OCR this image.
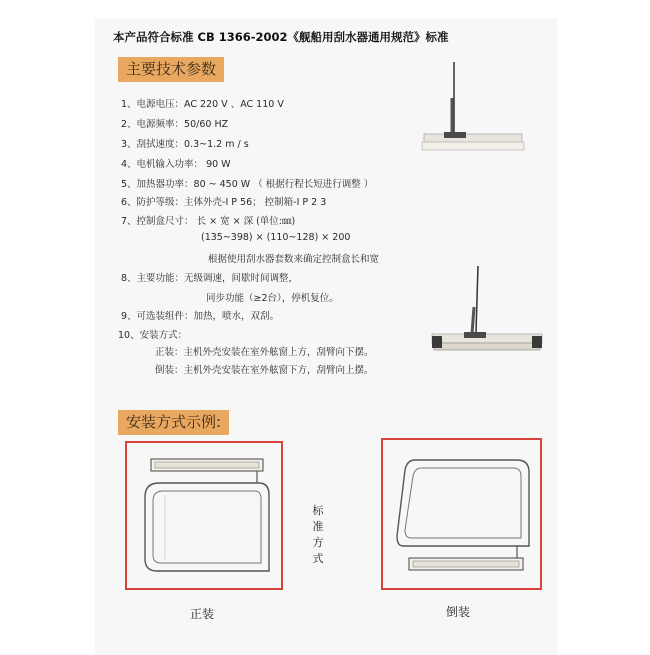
本产品符合标准 CB 1366-2002《舰船用刮水器通用规范》标准
主要技术参数
1、电源电压：AC 220 V 、AC 110 V
2、电源频率：50/60 HZ
3、刮拭速度：0.3~1.2 m / s
4、电机输入功率： 90 W
5、加热器功率：80 ~ 450 W （ 根据行程长短进行调整 ）
6、防护等级：主体外壳-I P 56； 控制箱-I P 2 3
7、控制盒尺寸： 长 × 宽 × 深 (单位:㎜)
(135~398) × (110~128) × 200
根据使用刮水器套数来确定控制盒长和宽
8、主要功能：无级调速，间歇时间调整，
同步功能（≥2台），停机复位。
9、可选装组件：加热，喷水，双刮。
10、安装方式：
正装：主机外壳安装在室外舷窗上方，刮臂向下摆。
倒装：主机外壳安装在室外舷窗下方，刮臂向上摆。
安装方式示例:
标准方式
正装	倒装
